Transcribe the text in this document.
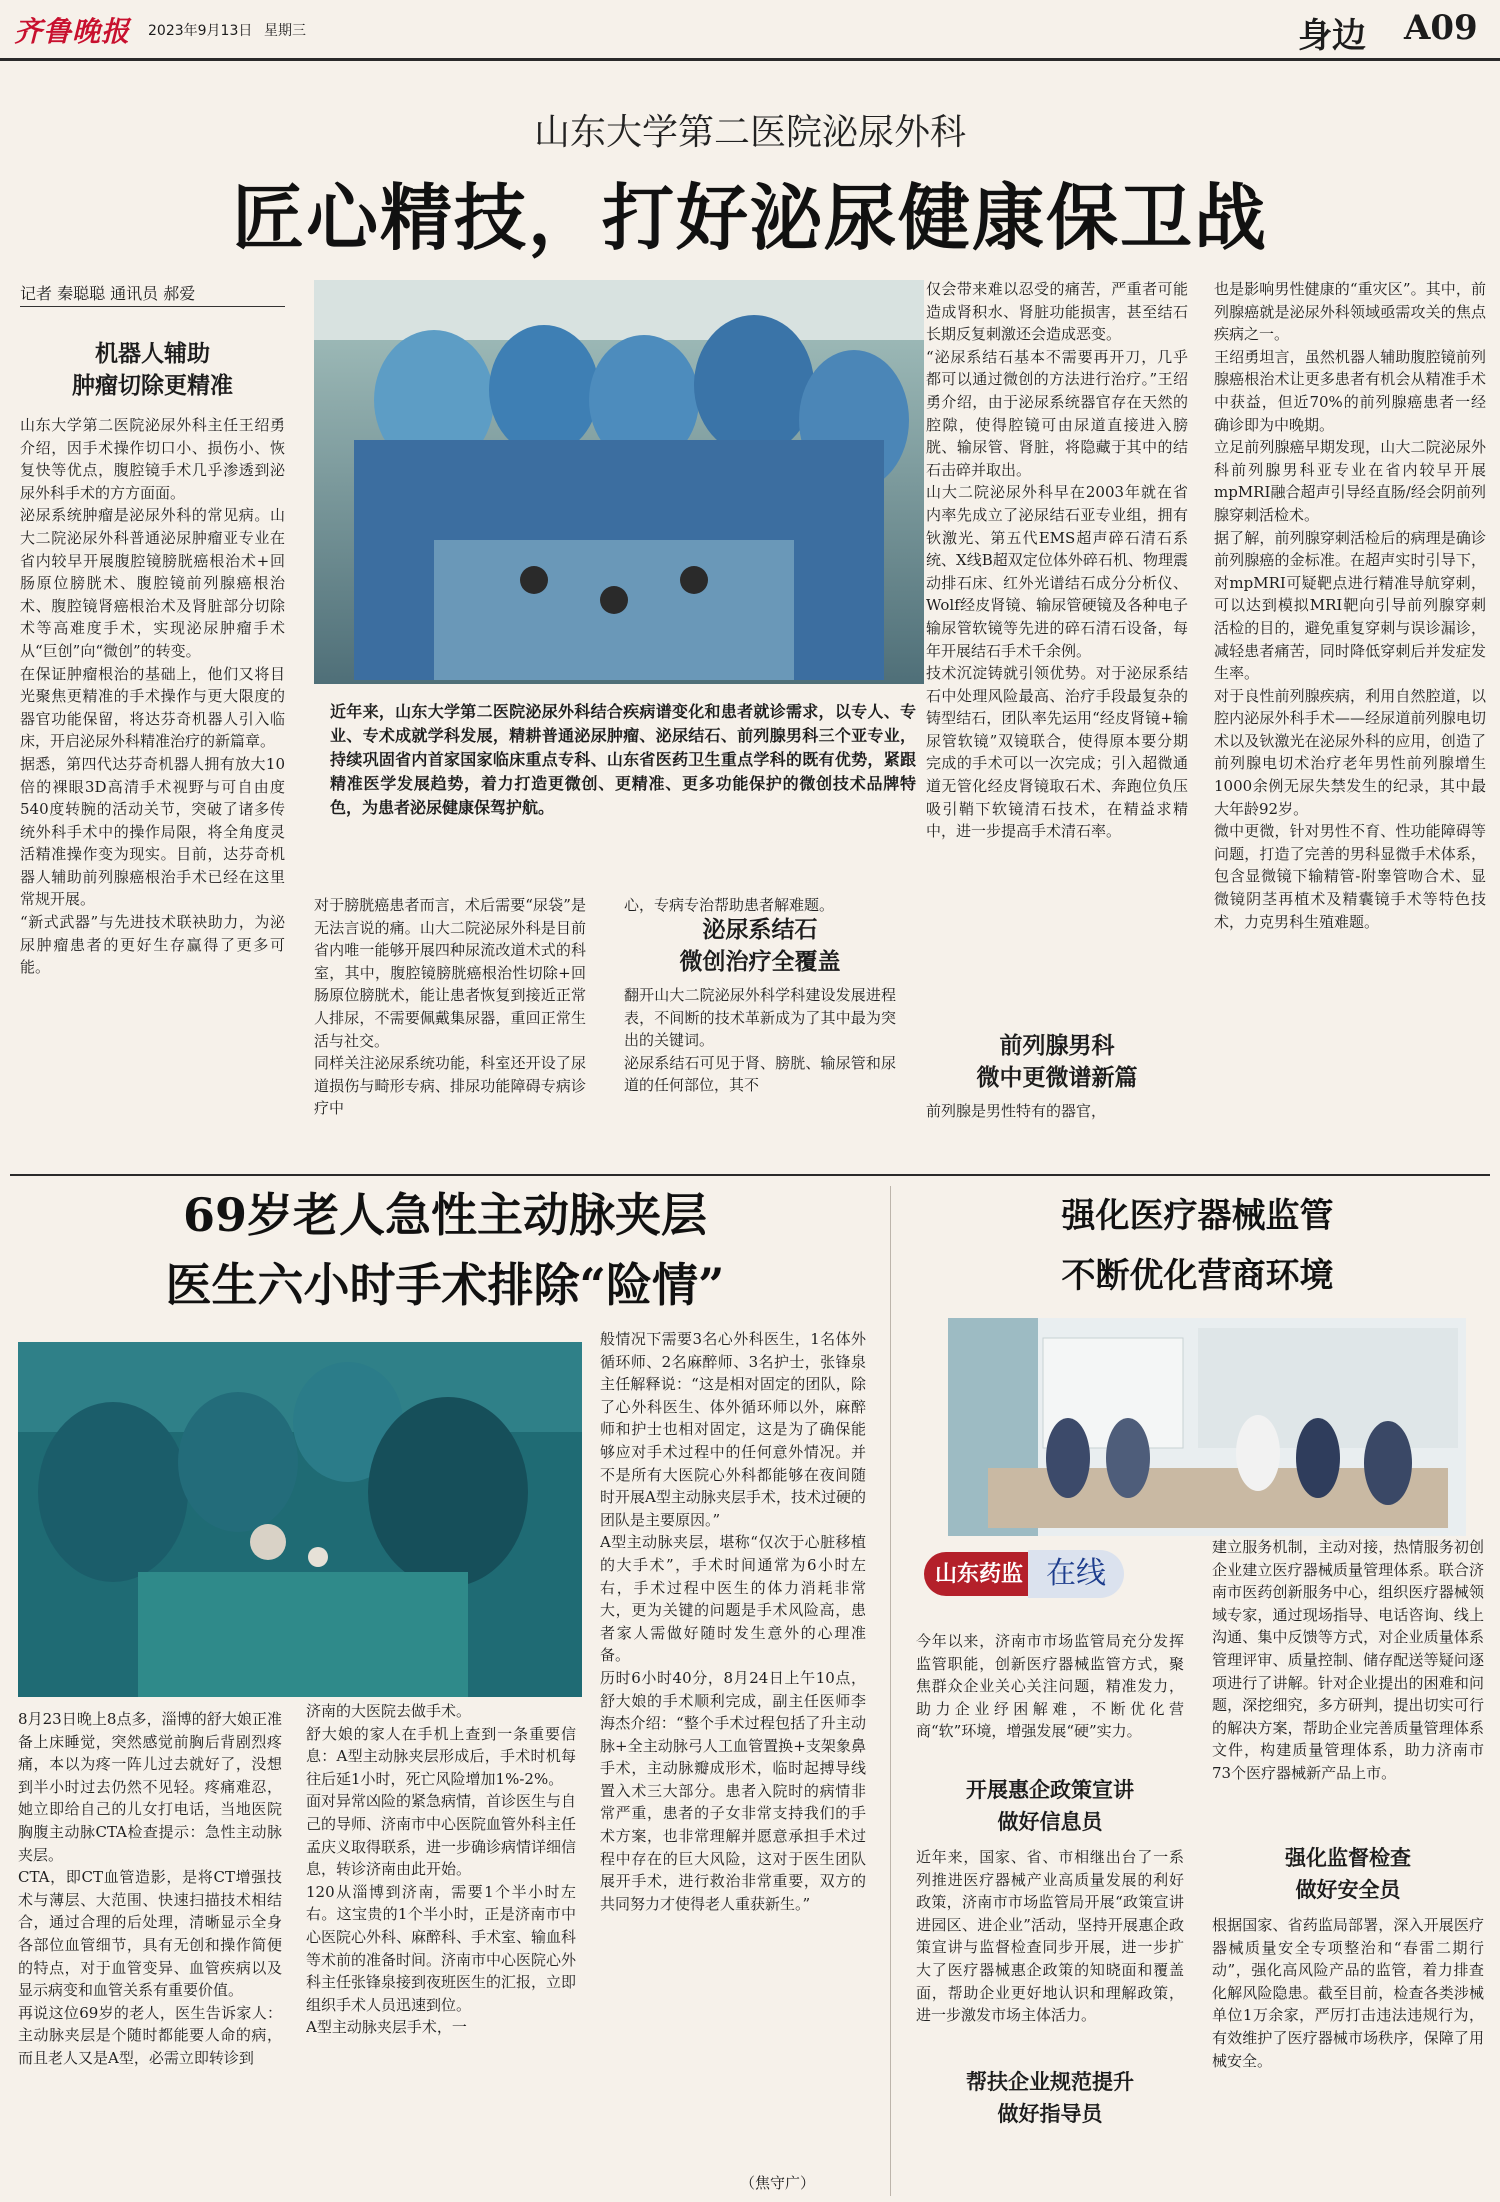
齐鲁晚报 2023年9月13日 星期三	身边 A09
山东大学第二医院泌尿外科
匠心精技，打好泌尿健康保卫战
记者 秦聪聪 通讯员 郝爱
机器人辅助
肿瘤切除更精准
山东大学第二医院泌尿外科主任王绍勇介绍，因手术操作切口小、损伤小、恢复快等优点，腹腔镜手术几乎渗透到泌尿外科手术的方方面面。
泌尿系统肿瘤是泌尿外科的常见病。山大二院泌尿外科普通泌尿肿瘤亚专业在省内较早开展腹腔镜膀胱癌根治术+回肠原位膀胱术、腹腔镜前列腺癌根治术、腹腔镜肾癌根治术及肾脏部分切除术等高难度手术，实现泌尿肿瘤手术从“巨创”向“微创”的转变。
在保证肿瘤根治的基础上，他们又将目光聚焦更精准的手术操作与更大限度的器官功能保留，将达芬奇机器人引入临床，开启泌尿外科精准治疗的新篇章。
据悉，第四代达芬奇机器人拥有放大10倍的裸眼3D高清手术视野与可自由度540度转腕的活动关节，突破了诸多传统外科手术中的操作局限，将全角度灵活精准操作变为现实。目前，达芬奇机器人辅助前列腺癌根治手术已经在这里常规开展。
“新式武器”与先进技术联袂助力，为泌尿肿瘤患者的更好生存赢得了更多可能。
近年来，山东大学第二医院泌尿外科结合疾病谱变化和患者就诊需求，以专人、专业、专术成就学科发展，精耕普通泌尿肿瘤、泌尿结石、前列腺男科三个亚专业，持续巩固省内首家国家临床重点专科、山东省医药卫生重点学科的既有优势，紧跟精准医学发展趋势，着力打造更微创、更精准、更多功能保护的微创技术品牌特色，为患者泌尿健康保驾护航。
对于膀胱癌患者而言，术后需要“尿袋”是无法言说的痛。山大二院泌尿外科是目前省内唯一能够开展四种尿流改道术式的科室，其中，腹腔镜膀胱癌根治性切除+回肠原位膀胱术，能让患者恢复到接近正常人排尿，不需要佩戴集尿器，重回正常生活与社交。
同样关注泌尿系统功能，科室还开设了尿道损伤与畸形专病、排尿功能障碍专病诊疗中
心，专病专治帮助患者解难题。
泌尿系结石
微创治疗全覆盖
翻开山大二院泌尿外科学科建设发展进程表，不间断的技术革新成为了其中最为突出的关键词。
泌尿系结石可见于肾、膀胱、输尿管和尿道的任何部位，其不
仅会带来难以忍受的痛苦，严重者可能造成肾积水、肾脏功能损害，甚至结石长期反复刺激还会造成恶变。
“泌尿系结石基本不需要再开刀，几乎都可以通过微创的方法进行治疗。”王绍勇介绍，由于泌尿系统器官存在天然的腔隙，使得腔镜可由尿道直接进入膀胱、输尿管、肾脏，将隐藏于其中的结石击碎并取出。
山大二院泌尿外科早在2003年就在省内率先成立了泌尿结石亚专业组，拥有钬激光、第五代EMS超声碎石清石系统、X线B超双定位体外碎石机、物理震动排石床、红外光谱结石成分分析仪、Wolf经皮肾镜、输尿管硬镜及各种电子输尿管软镜等先进的碎石清石设备，每年开展结石手术千余例。
技术沉淀铸就引领优势。对于泌尿系结石中处理风险最高、治疗手段最复杂的铸型结石，团队率先运用“经皮肾镜+输尿管软镜”双镜联合，使得原本要分期完成的手术可以一次完成；引入超微通道无管化经皮肾镜取石术、奔跑位负压吸引鞘下软镜清石技术，在精益求精中，进一步提高手术清石率。
前列腺男科
微中更微谱新篇
前列腺是男性特有的器官，
也是影响男性健康的“重灾区”。其中，前列腺癌就是泌尿外科领域亟需攻关的焦点疾病之一。
王绍勇坦言，虽然机器人辅助腹腔镜前列腺癌根治术让更多患者有机会从精准手术中获益，但近70%的前列腺癌患者一经确诊即为中晚期。
立足前列腺癌早期发现，山大二院泌尿外科前列腺男科亚专业在省内较早开展mpMRI融合超声引导经直肠/经会阴前列腺穿刺活检术。
据了解，前列腺穿刺活检后的病理是确诊前列腺癌的金标准。在超声实时引导下，对mpMRI可疑靶点进行精准导航穿刺，可以达到模拟MRI靶向引导前列腺穿刺活检的目的，避免重复穿刺与误诊漏诊，减轻患者痛苦，同时降低穿刺后并发症发生率。
对于良性前列腺疾病，利用自然腔道，以腔内泌尿外科手术——经尿道前列腺电切术以及钬激光在泌尿外科的应用，创造了前列腺电切术治疗老年男性前列腺增生1000余例无尿失禁发生的纪录，其中最大年龄92岁。
微中更微，针对男性不育、性功能障碍等问题，打造了完善的男科显微手术体系，包含显微镜下输精管-附睾管吻合术、显微镜阴茎再植术及精囊镜手术等特色技术，力克男科生殖难题。
69岁老人急性主动脉夹层
医生六小时手术排除“险情”
8月23日晚上8点多，淄博的舒大娘正准备上床睡觉，突然感觉前胸后背剧烈疼痛，本以为疼一阵儿过去就好了，没想到半小时过去仍然不见轻。疼痛难忍，她立即给自己的儿女打电话，当地医院胸腹主动脉CTA检查提示：急性主动脉夹层。
CTA，即CT血管造影，是将CT增强技术与薄层、大范围、快速扫描技术相结合，通过合理的后处理，清晰显示全身各部位血管细节，具有无创和操作简便的特点，对于血管变异、血管疾病以及显示病变和血管关系有重要价值。
再说这位69岁的老人，医生告诉家人：主动脉夹层是个随时都能要人命的病，而且老人又是A型，必需立即转诊到
济南的大医院去做手术。
舒大娘的家人在手机上查到一条重要信息：A型主动脉夹层形成后，手术时机每往后延1小时，死亡风险增加1%-2%。
面对异常凶险的紧急病情，首诊医生与自己的导师、济南市中心医院血管外科主任孟庆义取得联系，进一步确诊病情详细信息，转诊济南由此开始。
120从淄博到济南，需要1个半小时左右。这宝贵的1个半小时，正是济南市中心医院心外科、麻醉科、手术室、输血科等术前的准备时间。济南市中心医院心外科主任张锋泉接到夜班医生的汇报，立即组织手术人员迅速到位。
A型主动脉夹层手术，一
般情况下需要3名心外科医生，1名体外循环师、2名麻醉师、3名护士，张锋泉主任解释说：“这是相对固定的团队，除了心外科医生、体外循环师以外，麻醉师和护士也相对固定，这是为了确保能够应对手术过程中的任何意外情况。并不是所有大医院心外科都能够在夜间随时开展A型主动脉夹层手术，技术过硬的团队是主要原因。”
A型主动脉夹层，堪称“仅次于心脏移植的大手术”，手术时间通常为6小时左右，手术过程中医生的体力消耗非常大，更为关键的问题是手术风险高，患者家人需做好随时发生意外的心理准备。
历时6小时40分，8月24日上午10点，舒大娘的手术顺利完成，副主任医师李海杰介绍：“整个手术过程包括了升主动脉+全主动脉弓人工血管置换+支架象鼻手术，主动脉瓣成形术，临时起搏导线置入术三大部分。患者入院时的病情非常严重，患者的子女非常支持我们的手术方案，也非常理解并愿意承担手术过程中存在的巨大风险，这对于医生团队展开手术，进行救治非常重要，双方的共同努力才使得老人重获新生。”
（焦守广）
强化医疗器械监管
不断优化营商环境
山东药监 在线
今年以来，济南市市场监管局充分发挥监管职能，创新医疗器械监管方式，聚焦群众企业关心关注问题，精准发力，助力企业纾困解难，不断优化营商“软”环境，增强发展“硬”实力。
开展惠企政策宣讲
做好信息员
近年来，国家、省、市相继出台了一系列推进医疗器械产业高质量发展的利好政策，济南市市场监管局开展“政策宣讲进园区、进企业”活动，坚持开展惠企政策宣讲与监督检查同步开展，进一步扩大了医疗器械惠企政策的知晓面和覆盖面，帮助企业更好地认识和理解政策，进一步激发市场主体活力。
帮扶企业规范提升
做好指导员
建立服务机制，主动对接，热情服务初创企业建立医疗器械质量管理体系。联合济南市医药创新服务中心，组织医疗器械领域专家，通过现场指导、电话咨询、线上沟通、集中反馈等方式，对企业质量体系管理评审、质量控制、储存配送等疑问逐项进行了讲解。针对企业提出的困难和问题，深挖细究，多方研判，提出切实可行的解决方案，帮助企业完善质量管理体系文件，构建质量管理体系，助力济南市73个医疗器械新产品上市。
强化监督检查
做好安全员
根据国家、省药监局部署，深入开展医疗器械质量安全专项整治和“春雷二期行动”，强化高风险产品的监管，着力排查化解风险隐患。截至目前，检查各类涉械单位1万余家，严厉打击违法违规行为，有效维护了医疗器械市场秩序，保障了用械安全。
